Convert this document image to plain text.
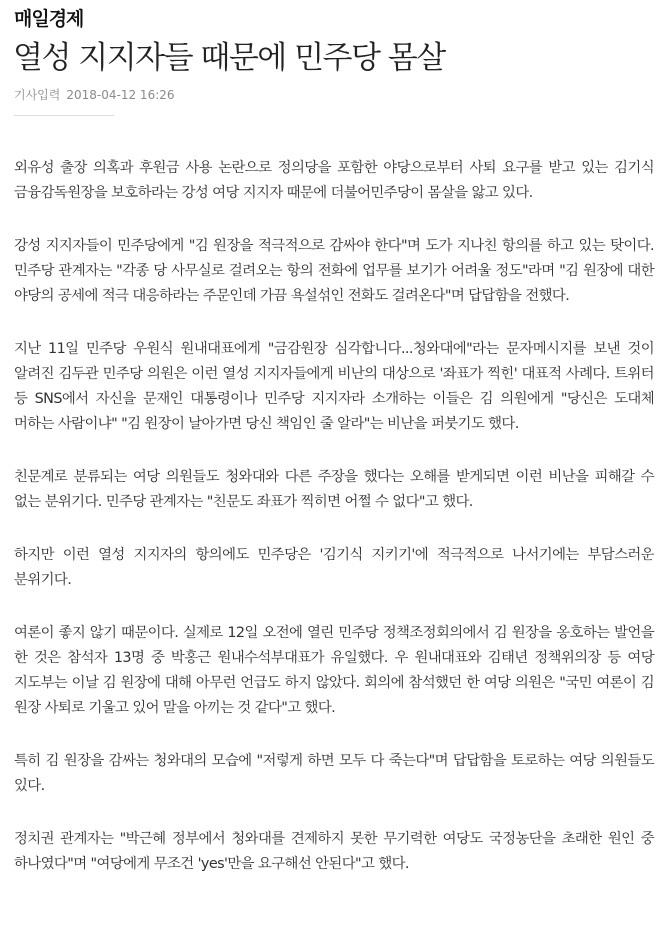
매일경제
열성 지지자들 때문에 민주당 몸살
기사입력 2018-04-12 16:26

외유성 출장 의혹과 후원금 사용 논란으로 정의당을 포함한 야당으로부터 사퇴 요구를 받고 있는 김기식 금융감독원장을 보호하라는 강성 여당 지지자 때문에 더불어민주당이 몸살을 앓고 있다.

강성 지지자들이 민주당에게 "김 원장을 적극적으로 감싸야 한다"며 도가 지나친 항의를 하고 있는 탓이다. 민주당 관계자는 "각종 당 사무실로 걸려오는 항의 전화에 업무를 보기가 어려울 정도"라며 "김 원장에 대한 야당의 공세에 적극 대응하라는 주문인데 가끔 욕설섞인 전화도 걸려온다"며 답답함을 전했다.

지난 11일 민주당 우원식 원내대표에게 "금감원장 심각합니다...청와대에"라는 문자메시지를 보낸 것이 알려진 김두관 민주당 의원은 이런 열성 지지자들에게 비난의 대상으로 '좌표가 찍힌' 대표적 사례다. 트위터 등 SNS에서 자신을 문재인 대통령이나 민주당 지지자라 소개하는 이들은 김 의원에게 "당신은 도대체 머하는 사람이냐" "김 원장이 날아가면 당신 책임인 줄 알라"는 비난을 퍼붓기도 했다.

친문계로 분류되는 여당 의원들도 청와대와 다른 주장을 했다는 오해를 받게되면 이런 비난을 피해갈 수 없는 분위기다. 민주당 관계자는 "친문도 좌표가 찍히면 어쩔 수 없다"고 했다.

하지만 이런 열성 지지자의 항의에도 민주당은 '김기식 지키기'에 적극적으로 나서기에는 부담스러운 분위기다.

여론이 좋지 않기 때문이다. 실제로 12일 오전에 열린 민주당 정책조정회의에서 김 원장을 옹호하는 발언을 한 것은 참석자 13명 중 박홍근 원내수석부대표가 유일했다. 우 원내대표와 김태년 정책위의장 등 여당 지도부는 이날 김 원장에 대해 아무런 언급도 하지 않았다. 회의에 참석했던 한 여당 의원은 "국민 여론이 김 원장 사퇴로 기울고 있어 말을 아끼는 것 같다"고 했다.

특히 김 원장을 감싸는 청와대의 모습에 "저렇게 하면 모두 다 죽는다"며 답답함을 토로하는 여당 의원들도 있다.

정치권 관계자는 "박근혜 정부에서 청와대를 견제하지 못한 무기력한 여당도 국정농단을 초래한 원인 중 하나였다"며 "여당에게 무조건 'yes'만을 요구해선 안된다"고 했다.
